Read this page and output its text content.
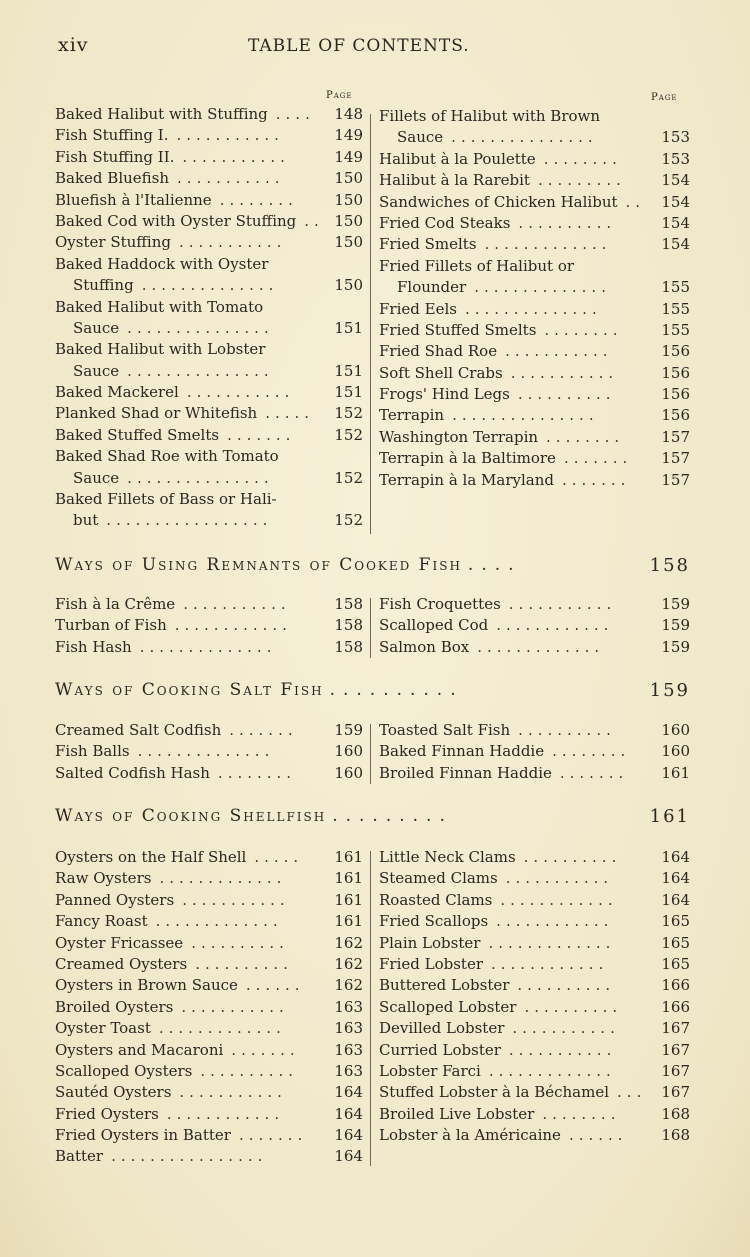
xiv	TABLE OF CONTENTS.
Page	Page
Baked Halibut with Stuffing	148
....
Fish Stuffing I.	149
...........
Fish Stuffing II.	149
...........
Baked Bluefish	150
...........
Bluefish à l'Italienne	150
........
Baked Cod with Oyster Stuffing	150
..
Oyster Stuffing	150
...........
Baked Haddock with Oyster
Stuffing	150
..............
Baked Halibut with Tomato
Sauce	151
...............
Baked Halibut with Lobster
Sauce	151
...............
Baked Mackerel	151
...........
Planked Shad or Whitefish	152
.....
Baked Stuffed Smelts	152
.......
Baked Shad Roe with Tomato
Sauce	152
...............
Baked Fillets of Bass or Hali-
but	152
.................
Fillets of Halibut with Brown
Sauce	153
...............
Halibut à la Poulette	153
........
Halibut à la Rarebit	154
.........
Sandwiches of Chicken Halibut	154
..
Fried Cod Steaks	154
..........
Fried Smelts	154
.............
Fried Fillets of Halibut or
Flounder	155
..............
Fried Eels	155
..............
Fried Stuffed Smelts	155
........
Fried Shad Roe	156
...........
Soft Shell Crabs	156
...........
Frogs' Hind Legs	156
..........
Terrapin	156
...............
Washington Terrapin	157
........
Terrapin à la Baltimore	157
.......
Terrapin à la Maryland	157
.......
Ways of Using Remnants of Cooked Fish ....	158
Fish à la Crême	158
...........
Turban of Fish	158
............
Fish Hash	158
..............
Fish Croquettes	159
...........
Scalloped Cod	159
............
Salmon Box	159
.............
Ways of Cooking Salt Fish ..........	159
Creamed Salt Codfish	159
.......
Fish Balls	160
..............
Salted Codfish Hash	160
........
Toasted Salt Fish	160
..........
Baked Finnan Haddie	160
........
Broiled Finnan Haddie	161
.......
Ways of Cooking Shellfish .........	161
Oysters on the Half Shell	161
.....
Raw Oysters	161
.............
Panned Oysters	161
...........
Fancy Roast	161
.............
Oyster Fricassee	162
..........
Creamed Oysters	162
..........
Oysters in Brown Sauce	162
......
Broiled Oysters	163
...........
Oyster Toast	163
.............
Oysters and Macaroni	163
.......
Scalloped Oysters	163
..........
Sautéd Oysters	164
...........
Fried Oysters	164
............
Fried Oysters in Batter	164
.......
Batter	164
................
Little Neck Clams	164
..........
Steamed Clams	164
...........
Roasted Clams	164
............
Fried Scallops	165
............
Plain Lobster	165
.............
Fried Lobster	165
............
Buttered Lobster	166
..........
Scalloped Lobster	166
..........
Devilled Lobster	167
...........
Curried Lobster	167
...........
Lobster Farci	167
.............
Stuffed Lobster à la Béchamel	167
...
Broiled Live Lobster	168
........
Lobster à la Américaine	168
......
